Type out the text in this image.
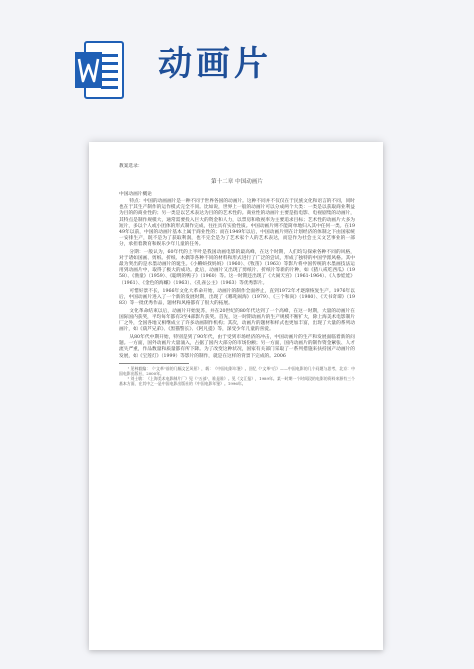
动画片

教案选录：

第十二章 中国动画片

中国动画片概论

特点：中国的动画画片是一种不同于世界各国的动画片。这种不同并不仅仅在于民族文化和语言的不同，同时也在于其生产制作的运作模式完全不同。比如说，世界上一般的动画片可以分成两个大类：一类是以获取商业利益为目的的商业性的；另一类是以艺术表达为目的的艺术性的。商业性的动画片主要是指电影、电视剧集的动画片，其特点是制作规模大，通常需要投入巨大的资金和人力，以票房和收视率为主要追求目标；艺术性的动画片大多为短片，多以个人或小团体的形式制作完成，往往具有实验性质。中国动画片则不能简单地归入其中任何一类。在1949年以前，中国的动画片基本上属于商业性的；而在1949年以后，中国动画片则在计划经济的体制之下由国家统一安排生产，既不是为了获取利润，也不完全是为了艺术家个人的艺术表达，而是作为社会主义文艺事业的一部分，承担着教育和娱乐少年儿童的任务。

分期：一般认为，60年代的上半叶是我国动画电影的最高峰，在这个时期，人们均勾探索各种不同的风格，对于诸如国画、剪纸、折纸、木偶等各种不同的材料和形式进行了广泛的尝试，形成了独特的中国学派风格。其中最为突出的是水墨动画片的诞生。《小蝌蚪找妈妈》（1960）、《牧笛》（1963）等影片将中国传统的水墨画技法运用到动画片中，取得了极大的成功。此后，动画片又出现了剪纸片、折纸片等新的片种，如《猪八戒吃西瓜》（1958）、《渔童》（1959）、《聪明的鸭子》（1960）等。这一时期还出现了《大闹天宫》（1961-1964）、《人参娃娃》（1961）、《金色的海螺》（1963）、《孔雀公主》（1963）等优秀影片。

可惜好景不长，1966年文化大革命开始，动画片的制作全面停止，直到1972年才逐渐恢复生产。1976年以后，中国动画片进入了一个新的发展时期，出现了《哪吒闹海》（1979）、《三个和尚》（1980）、《天书奇谭》（1983）等一批优秀作品，题材和风格都有了很大的拓展。

文化革命结束以后，动画片开始复苏，并在20世纪的80年代达到了一个高峰，在这一时期，大量的动画片在国际国内获奖，平均每年都有3至4部影片获奖。首先，这一时期动画片的生产规模不断扩大，除上海美术电影制片厂之外，全国各地又相继成立了许多动画制作机构；其次，动画片的题材和样式也更加丰富，出现了大量的系列动画片，如《葫芦兄弟》、《黑猫警长》、《阿凡提》等，深受少年儿童的喜爱。

从80年代中期开始，特别是到了90年代，由于受到市场经济的冲击，中国动画片的生产和发展面临着新的问题。一方面，国外动画片大量涌入，占据了国内大部分的市场份额；另一方面，国内动画片的制作资金紧张、人才流失严重，作品数量和质量都有所下降。为了改变这种状况，国家有关部门采取了一系列措施来扶持国产动画片的发展，如《宝莲灯》（1999）等影片的制作，就是在这样的背景下完成的。2006

¹ 见林毅编：《"文革"前的几幅文艺风景》，载：《中国电影年鉴》。回忆《"文革"后》——中国电影的几个问题与思考，北京：中国电影出版社，2000年。

² 刘士敏：《上海美术电影制片厂》见《"五部"，谁是谁》。见《文汇报》，1989年。某一时期一个时间段的电影的资料来源有三个基本方面，在其中之一是中国电影出版社的《中国电影年鉴》。1996年。
